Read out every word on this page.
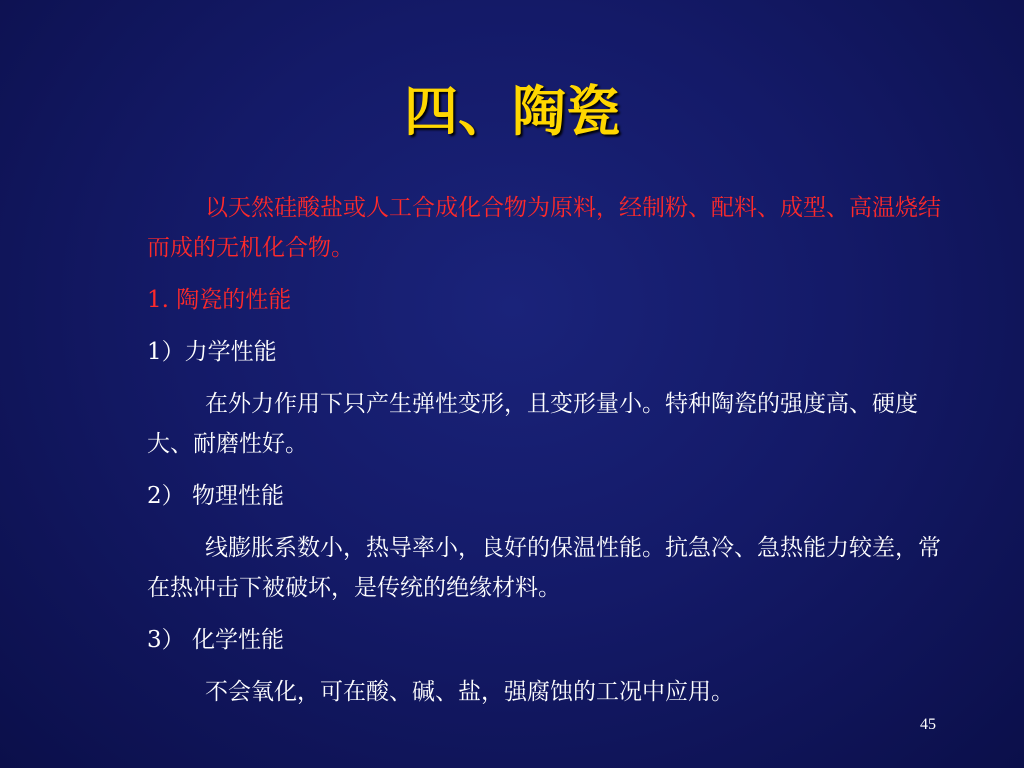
四、陶瓷

以天然硅酸盐或人工合成化合物为原料，经制粉、配料、成型、高温烧结而成的无机化合物。

1. 陶瓷的性能

1）力学性能

在外力作用下只产生弹性变形，且变形量小。特种陶瓷的强度高、硬度大、耐磨性好。

2） 物理性能

线膨胀系数小，热导率小，良好的保温性能。抗急冷、急热能力较差，常在热冲击下被破坏，是传统的绝缘材料。

3） 化学性能

不会氧化，可在酸、碱、盐，强腐蚀的工况中应用。

45
